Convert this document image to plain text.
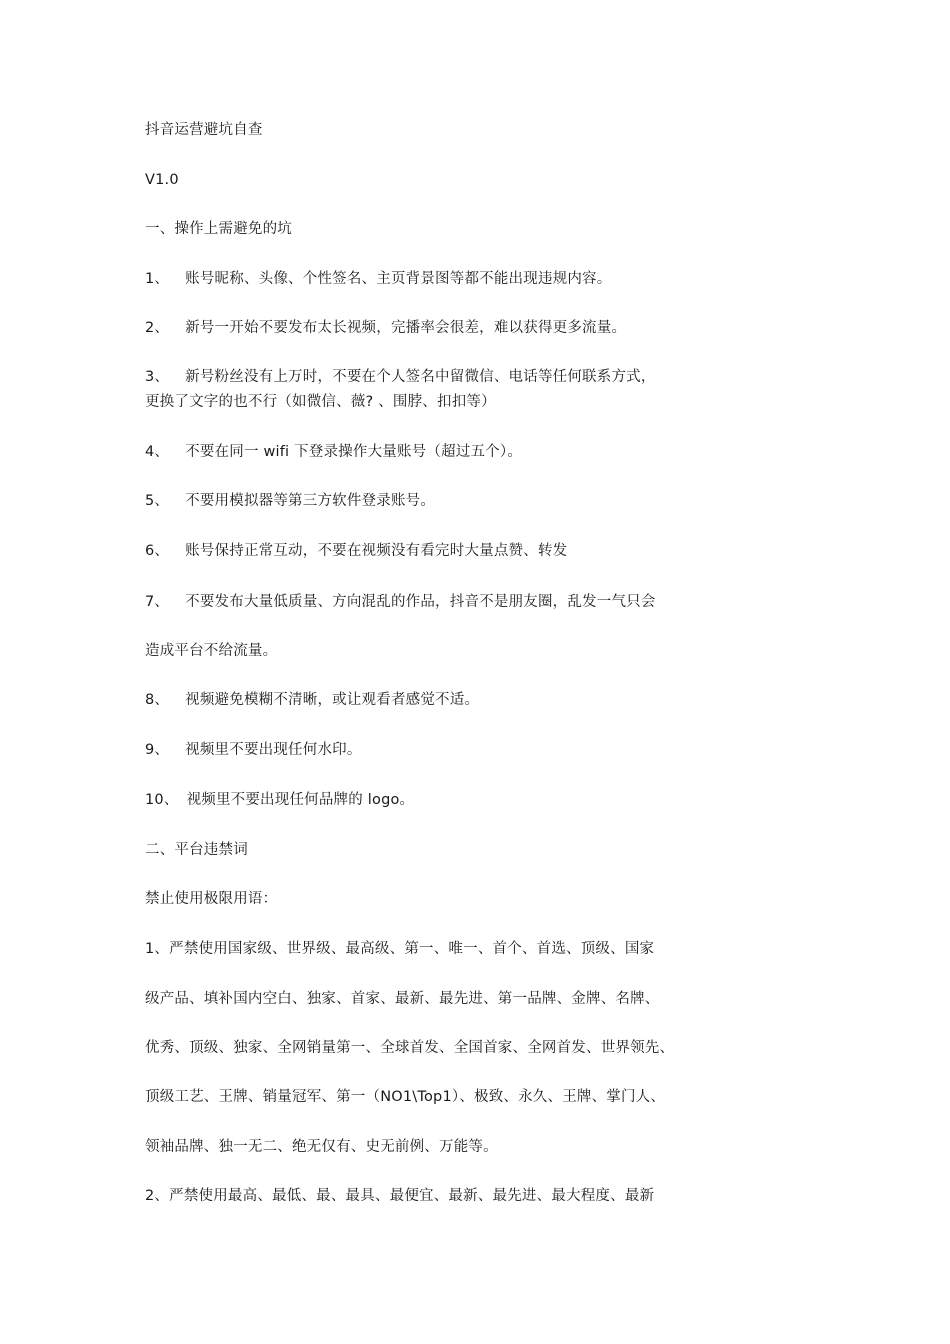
抖音运营避坑自查
V1.0
一、操作上需避免的坑
1、 账号昵称、头像、个性签名、主页背景图等都不能出现违规内容。
2、 新号一开始不要发布太长视频，完播率会很差，难以获得更多流量。
3、 新号粉丝没有上万时，不要在个人签名中留微信、电话等任何联系方式，
更换了文字的也不行（如微信、薇? 、围脖、扣扣等）
4、 不要在同一 wifi 下登录操作大量账号（超过五个）。
5、 不要用模拟器等第三方软件登录账号。
6、 账号保持正常互动，不要在视频没有看完时大量点赞、转发
7、 不要发布大量低质量、方向混乱的作品，抖音不是朋友圈，乱发一气只会
造成平台不给流量。
8、 视频避免模糊不清晰，或让观看者感觉不适。
9、 视频里不要出现任何水印。
10、 视频里不要出现任何品牌的 logo。
二、平台违禁词
禁止使用极限用语：
1、严禁使用国家级、世界级、最高级、第一、唯一、首个、首选、顶级、国家
级产品、填补国内空白、独家、首家、最新、最先进、第一品牌、金牌、名牌、
优秀、顶级、独家、全网销量第一、全球首发、全国首家、全网首发、世界领先、
顶级工艺、王牌、销量冠军、第一（NO1\Top1）、极致、永久、王牌、掌门人、
领袖品牌、独一无二、绝无仅有、史无前例、万能等。
2、严禁使用最高、最低、最、最具、最便宜、最新、最先进、最大程度、最新
